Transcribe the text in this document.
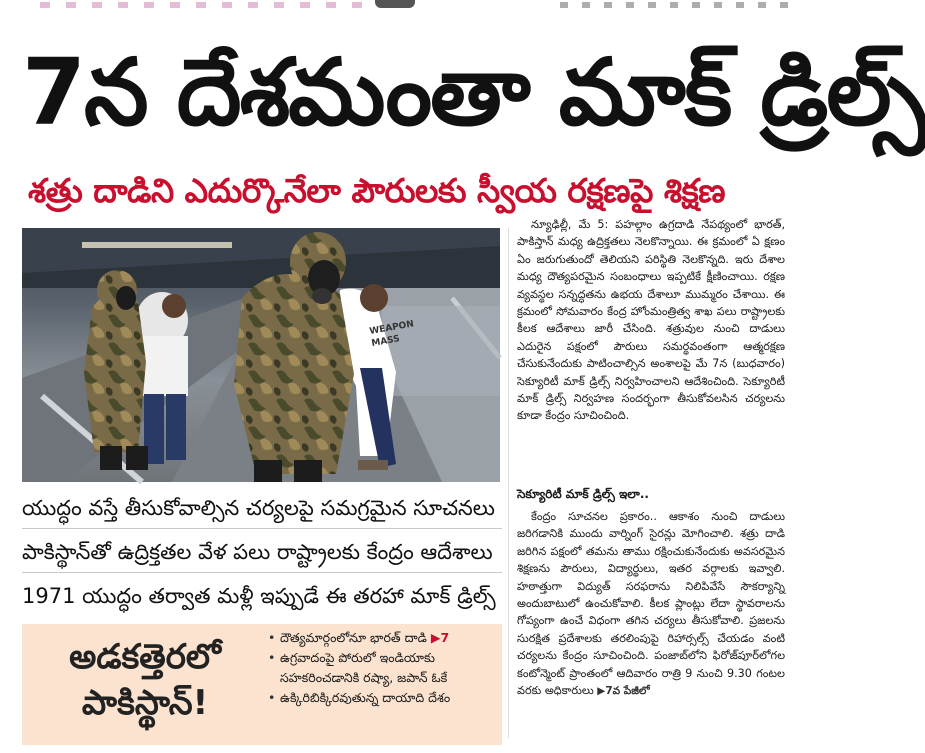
7న దేశమంతా మాక్ డ్రిల్స్
శత్రు దాడిని ఎదుర్కొనేలా పౌరులకు స్వీయ రక్షణపై శిక్షణ
WEAPON
MASS

న్యూఢిల్లీ, మే 5: పహల్గాం ఉగ్రదాడి నేపథ్యంలో భారత్, పాకిస్తాన్ మధ్య ఉద్రిక్తతలు నెలకొన్నాయి. ఈ క్రమంలో ఏ క్షణం ఏం జరుగుతుందో తెలియని పరిస్థితి నెలకొన్నది. ఇరు దేశాల మధ్య దౌత్యపరమైన సంబంధాలు ఇప్పటికే క్షీణించాయి. రక్షణ వ్యవస్థల సన్నద్ధతను ఉభయ దేశాలూ ముమ్మరం చేశాయి. ఈ క్రమంలో సోమవారం కేంద్ర హోంమంత్రిత్వ శాఖ పలు రాష్ట్రాలకు కీలక ఆదేశాలు జారీ చేసింది. శత్రువుల నుంచి దాడులు ఎదురైన పక్షంలో పౌరులు సమర్థవంతంగా ఆత్మరక్షణ చేసుకునేందుకు పాటించాల్సిన అంశాలపై మే 7న (బుధవారం) సెక్యూరిటీ మాక్ డ్రిల్స్ నిర్వహించాలని ఆదేశించింది. సెక్యూరిటీ మాక్ డ్రిల్స్ నిర్వహణ సందర్భంగా తీసుకోవలసిన చర్యలను కూడా కేంద్రం సూచించింది.

సెక్యూరిటీ మాక్ డ్రిల్స్ ఇలా..

కేంద్రం సూచనల ప్రకారం.. ఆకాశం నుంచి దాడులు జరిగడానికి ముందు వార్నింగ్ సైరన్లు మోగించాలి. శత్రు దాడి జరిగిన పక్షంలో తమను తాము రక్షించుకునేందుకు అవసరమైన శిక్షణను పౌరులు, విద్యార్థులు, ఇతర వర్గాలకు ఇవ్వాలి. హఠాత్తుగా విద్యుత్ సరఫరాను నిలిపివేసే సౌకర్యాన్ని అందుబాటులో ఉంచుకోవాలి. కీలక ప్లాంట్లు లేదా స్థావరాలను గోప్యంగా ఉంచే విధంగా తగిన చర్యలు తీసుకోవాలి. ప్రజలను సురక్షిత ప్రదేశాలకు తరలింపుపై రిహార్సల్స్ చేయడం వంటి చర్యలను కేంద్రం సూచించింది. పంజాబ్‌లోని ఫిరోజ్‌పూర్‌లోగల కంటోన్మెంట్ ప్రాంతంలో ఆదివారం రాత్రి 9 నుంచి 9.30 గంటల వరకు అధికారులు ▶7వ పేజీలో

యుద్ధం వస్తే తీసుకోవాల్సిన చర్యలపై సమగ్రమైన సూచనలు
పాకిస్థాన్‌తో ఉద్రిక్తతల వేళ పలు రాష్ట్రాలకు కేంద్రం ఆదేశాలు
1971 యుద్ధం తర్వాత మళ్లీ ఇప్పుడే ఈ తరహా మాక్ డ్రిల్స్
అడకత్తెరలో
పాకిస్థాన్!
• దౌత్యమార్గంలోనూ భారత్ దాడి ▶7
• ఉగ్రవాదంపై పోరులో ఇండియాకు సహకరించడానికి రష్యా, జపాన్ ఓకే
• ఉక్కిరిబిక్కిరవుతున్న దాయాది దేశం
